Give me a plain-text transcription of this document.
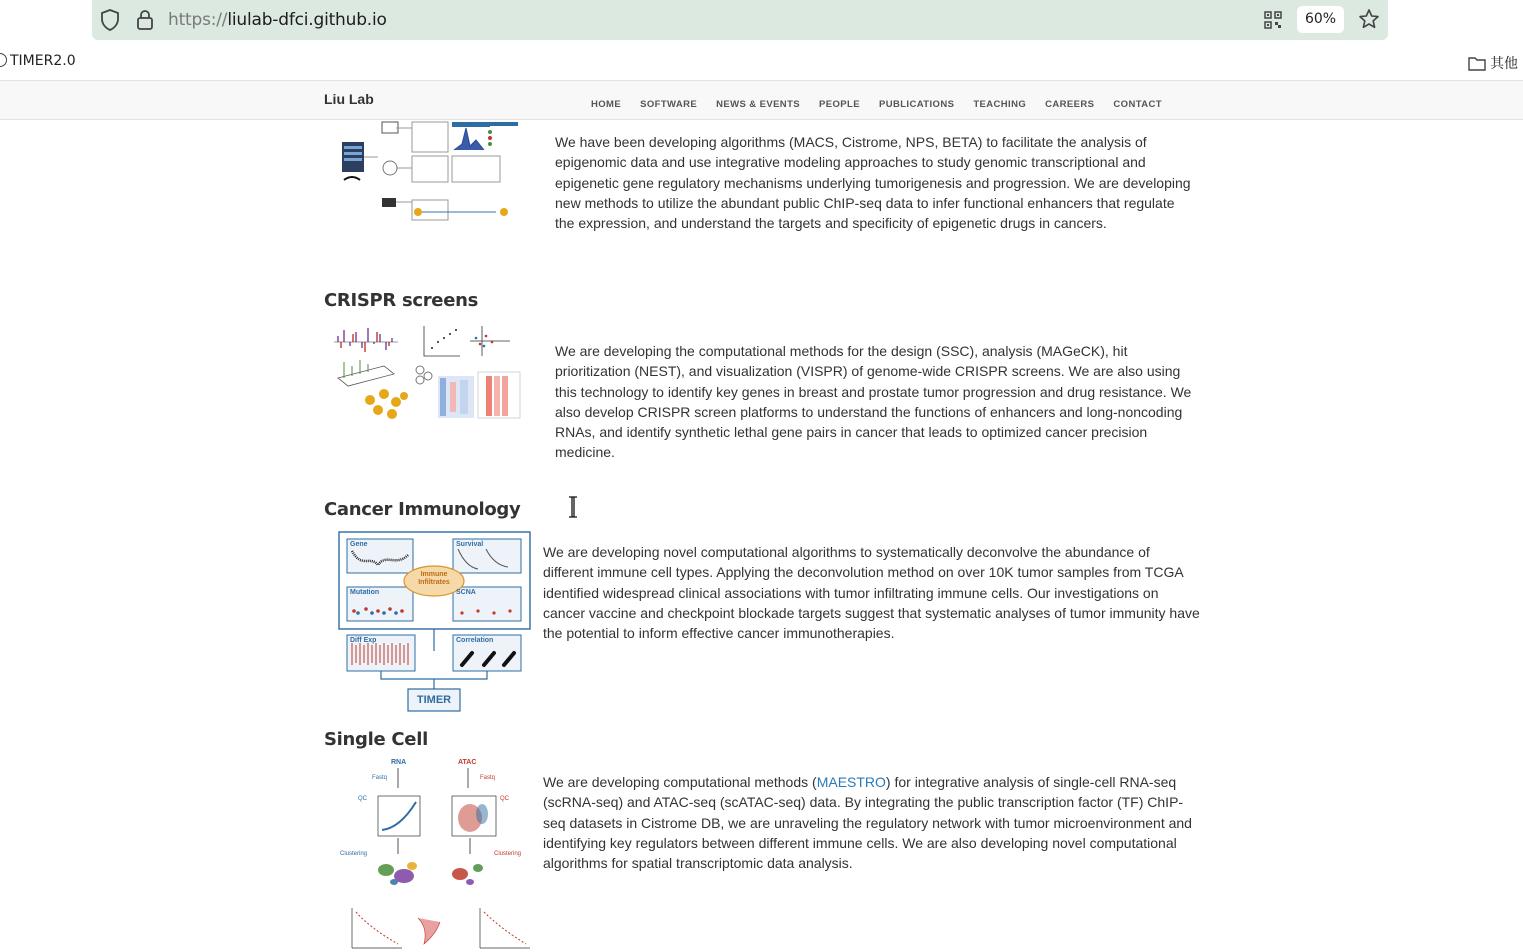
https://liulab-dfci.github.io	60%
TIMER2.0	其他
Liu Lab	HOME SOFTWARE NEWS & EVENTS PEOPLE PUBLICATIONS TEACHING CAREERS CONTACT
We have been developing algorithms (MACS, Cistrome, NPS, BETA) to facilitate the analysis of epigenomic data and use integrative modeling approaches to study genomic transcriptional and epigenetic gene regulatory mechanisms underlying tumorigenesis and progression. We are developing new methods to utilize the abundant public ChIP-seq data to infer functional enhancers that regulate the expression, and understand the targets and specificity of epigenetic drugs in cancers.
CRISPR screens
We are developing the computational methods for the design (SSC), analysis (MAGeCK), hit prioritization (NEST), and visualization (VISPR) of genome-wide CRISPR screens. We are also using this technology to identify key genes in breast and prostate tumor progression and drug resistance. We also develop CRISPR screen platforms to understand the functions of enhancers and long-noncoding RNAs, and identify synthetic lethal gene pairs in cancer that leads to optimized cancer precision medicine.
Cancer Immunology
Gene	Survival
Mutation	SCNA
Diff Exp	Correlation
Immune
Infiltrates
TIMER
We are developing novel computational algorithms to systematically deconvolve the abundance of different immune cell types. Applying the deconvolution method on over 10K tumor samples from TCGA identified widespread clinical associations with tumor infiltrating immune cells. Our investigations on cancer vaccine and checkpoint blockade targets suggest that systematic analyses of tumor immunity have the potential to inform effective cancer immunotherapies.
Single Cell
RNA	ATAC
Fastq	Fastq
QC	QC
Clustering	Clustering
We are developing computational methods (MAESTRO) for integrative analysis of single-cell RNA-seq (scRNA-seq) and ATAC-seq (scATAC-seq) data. By integrating the public transcription factor (TF) ChIP-seq datasets in Cistrome DB, we are unraveling the regulatory network with tumor microenvironment and identifying key regulators between different immune cells. We are also developing novel computational algorithms for spatial transcriptomic data analysis.
